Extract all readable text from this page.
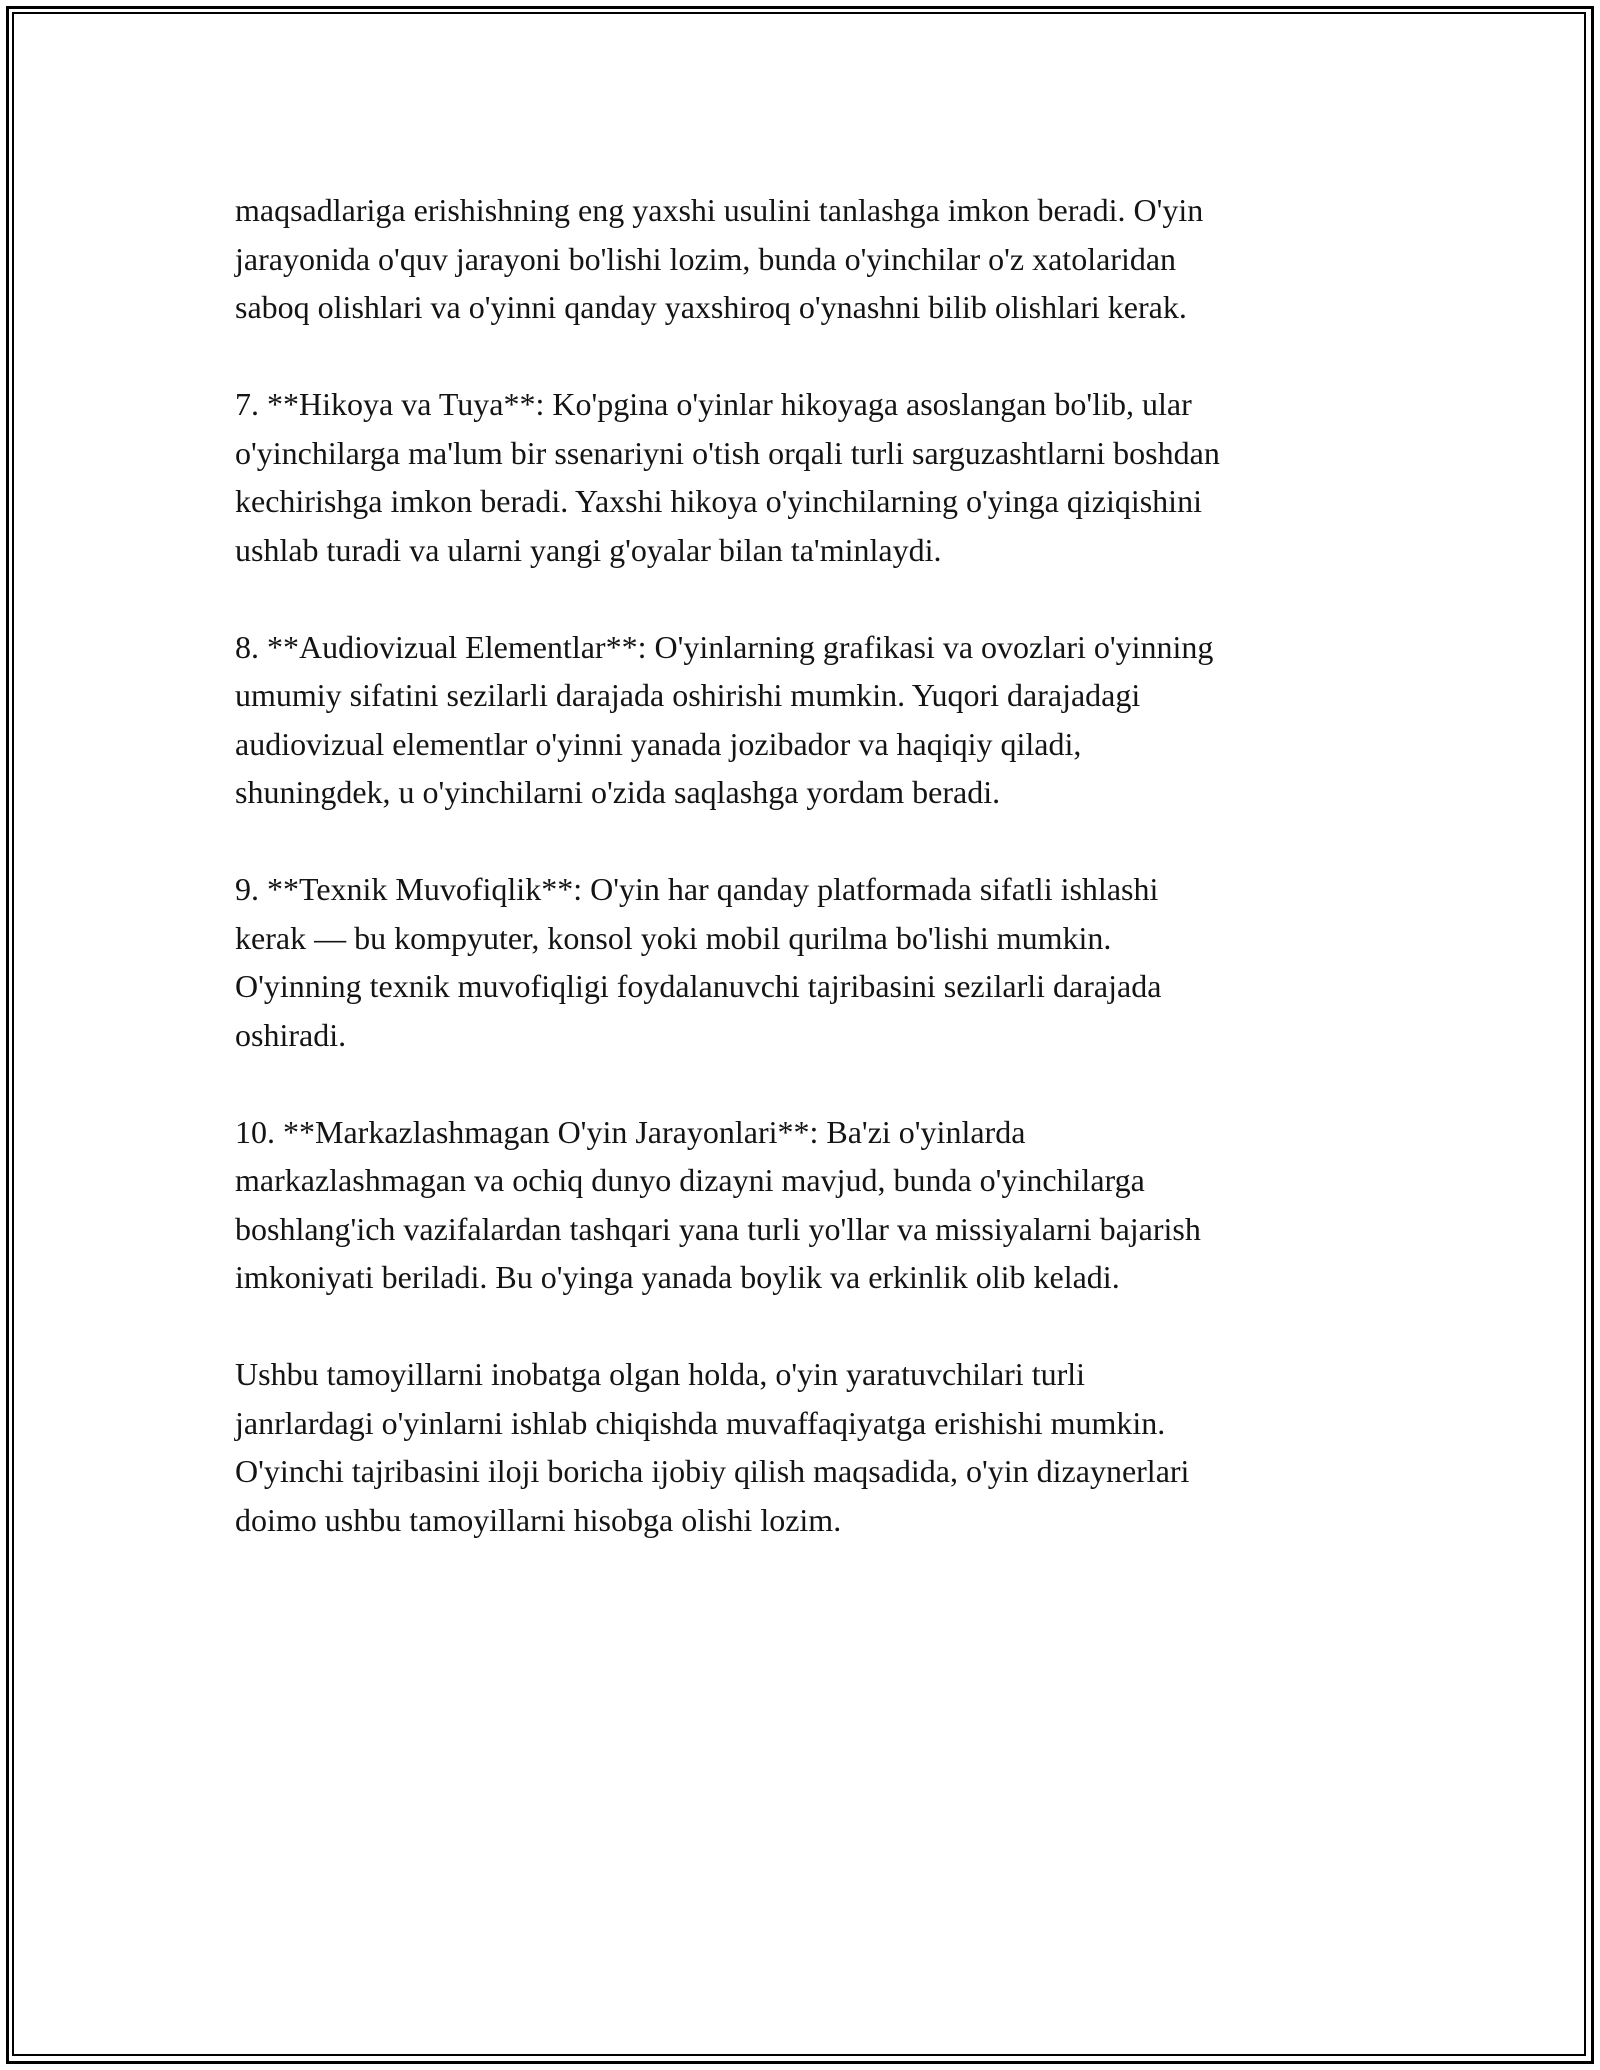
maqsadlariga erishishning eng yaxshi usulini tanlashga imkon beradi. O'yin
jarayonida o'quv jarayoni bo'lishi lozim, bunda o'yinchilar o'z xatolaridan
saboq olishlari va o'yinni qanday yaxshiroq o'ynashni bilib olishlari kerak.

7. **Hikoya va Tuya**: Ko'pgina o'yinlar hikoyaga asoslangan bo'lib, ular
o'yinchilarga ma'lum bir ssenariyni o'tish orqali turli sarguzashtlarni boshdan
kechirishga imkon beradi. Yaxshi hikoya o'yinchilarning o'yinga qiziqishini
ushlab turadi va ularni yangi g'oyalar bilan ta'minlaydi.

8. **Audiovizual Elementlar**: O'yinlarning grafikasi va ovozlari o'yinning
umumiy sifatini sezilarli darajada oshirishi mumkin. Yuqori darajadagi
audiovizual elementlar o'yinni yanada jozibador va haqiqiy qiladi,
shuningdek, u o'yinchilarni o'zida saqlashga yordam beradi.

9. **Texnik Muvofiqlik**: O'yin har qanday platformada sifatli ishlashi
kerak — bu kompyuter, konsol yoki mobil qurilma bo'lishi mumkin.
O'yinning texnik muvofiqligi foydalanuvchi tajribasini sezilarli darajada
oshiradi.

10. **Markazlashmagan O'yin Jarayonlari**: Ba'zi o'yinlarda
markazlashmagan va ochiq dunyo dizayni mavjud, bunda o'yinchilarga
boshlang'ich vazifalardan tashqari yana turli yo'llar va missiyalarni bajarish
imkoniyati beriladi. Bu o'yinga yanada boylik va erkinlik olib keladi.

Ushbu tamoyillarni inobatga olgan holda, o'yin yaratuvchilari turli
janrlardagi o'yinlarni ishlab chiqishda muvaffaqiyatga erishishi mumkin.
O'yinchi tajribasini iloji boricha ijobiy qilish maqsadida, o'yin dizaynerlari
doimo ushbu tamoyillarni hisobga olishi lozim.
